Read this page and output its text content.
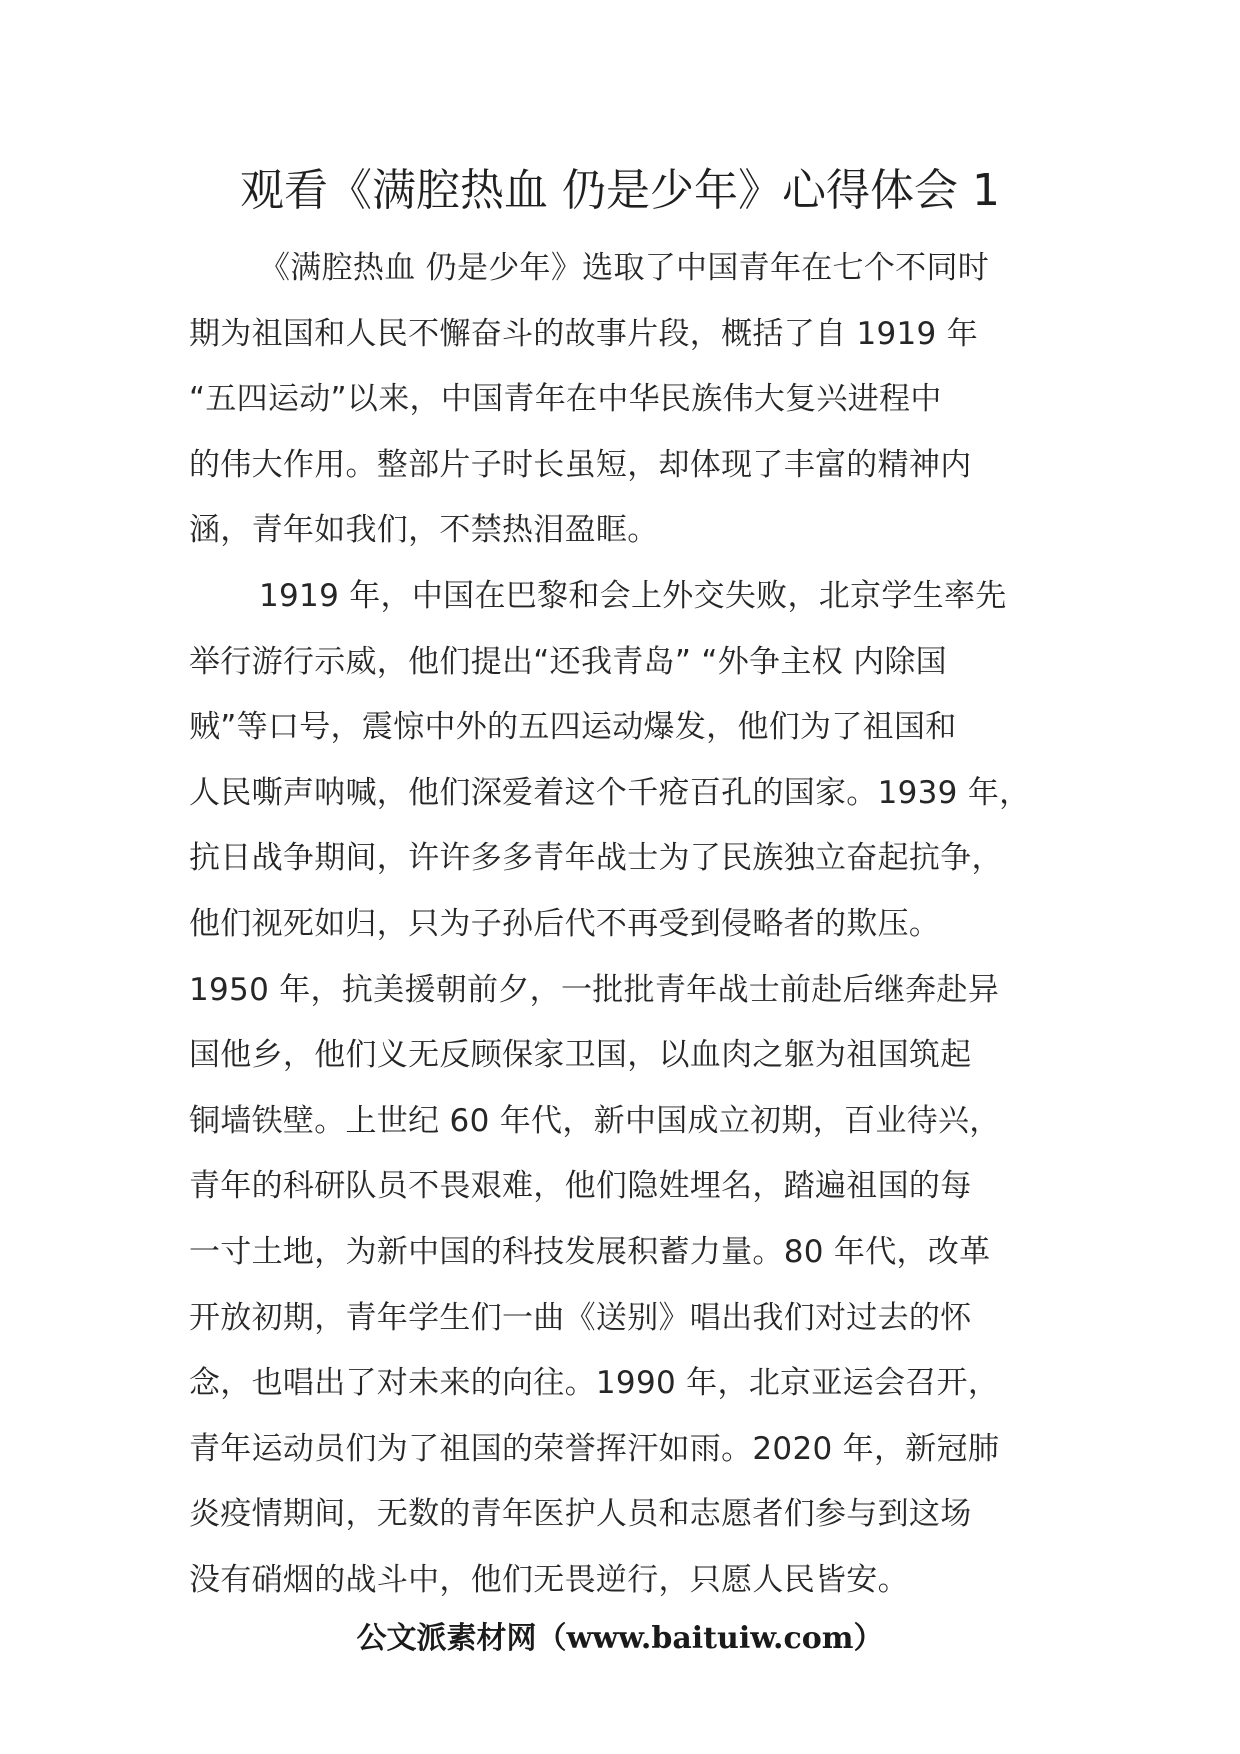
观看《满腔热血 仍是少年》心得体会 1
《满腔热血 仍是少年》选取了中国青年在七个不同时
期为祖国和人民不懈奋斗的故事片段，概括了自 1919 年
“五四运动”以来，中国青年在中华民族伟大复兴进程中
的伟大作用。整部片子时长虽短，却体现了丰富的精神内
涵，青年如我们，不禁热泪盈眶。
1919 年，中国在巴黎和会上外交失败，北京学生率先
举行游行示威，他们提出“还我青岛” “外争主权 内除国
贼”等口号，震惊中外的五四运动爆发，他们为了祖国和
人民嘶声呐喊，他们深爱着这个千疮百孔的国家。1939 年，
抗日战争期间，许许多多青年战士为了民族独立奋起抗争，
他们视死如归，只为子孙后代不再受到侵略者的欺压。
1950 年，抗美援朝前夕，一批批青年战士前赴后继奔赴异
国他乡，他们义无反顾保家卫国，以血肉之躯为祖国筑起
铜墙铁壁。上世纪 60 年代，新中国成立初期，百业待兴，
青年的科研队员不畏艰难，他们隐姓埋名，踏遍祖国的每
一寸土地，为新中国的科技发展积蓄力量。80 年代，改革
开放初期，青年学生们一曲《送别》唱出我们对过去的怀
念，也唱出了对未来的向往。1990 年，北京亚运会召开，
青年运动员们为了祖国的荣誉挥汗如雨。2020 年，新冠肺
炎疫情期间，无数的青年医护人员和志愿者们参与到这场
没有硝烟的战斗中，他们无畏逆行，只愿人民皆安。
公文派素材网（www.baituiw.com）
